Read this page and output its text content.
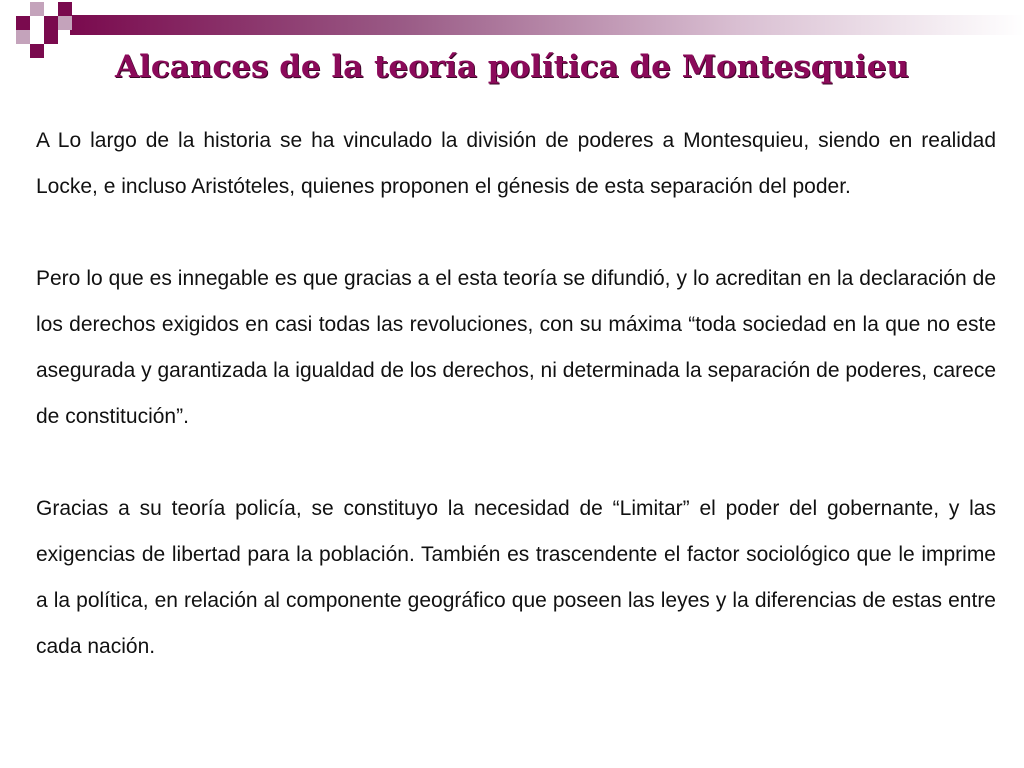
Alcances de la teoría política de Montesquieu

A Lo largo de la historia se ha vinculado la división de poderes a Montesquieu, siendo en realidad Locke, e incluso Aristóteles, quienes proponen el génesis de esta separación del poder.

Pero lo que es innegable es que gracias a el esta teoría se difundió, y lo acreditan en la declaración de los derechos exigidos en casi todas las revoluciones, con su máxima “toda sociedad en la que no este asegurada y garantizada la igualdad de los derechos, ni determinada la separación de poderes, carece de constitución”.

Gracias a su teoría policía, se constituyo la necesidad de “Limitar” el poder del gobernante, y las exigencias de libertad para la población. También es trascendente el factor sociológico que le imprime a la política, en relación al componente geográfico que poseen las leyes y la diferencias de estas entre cada nación.
